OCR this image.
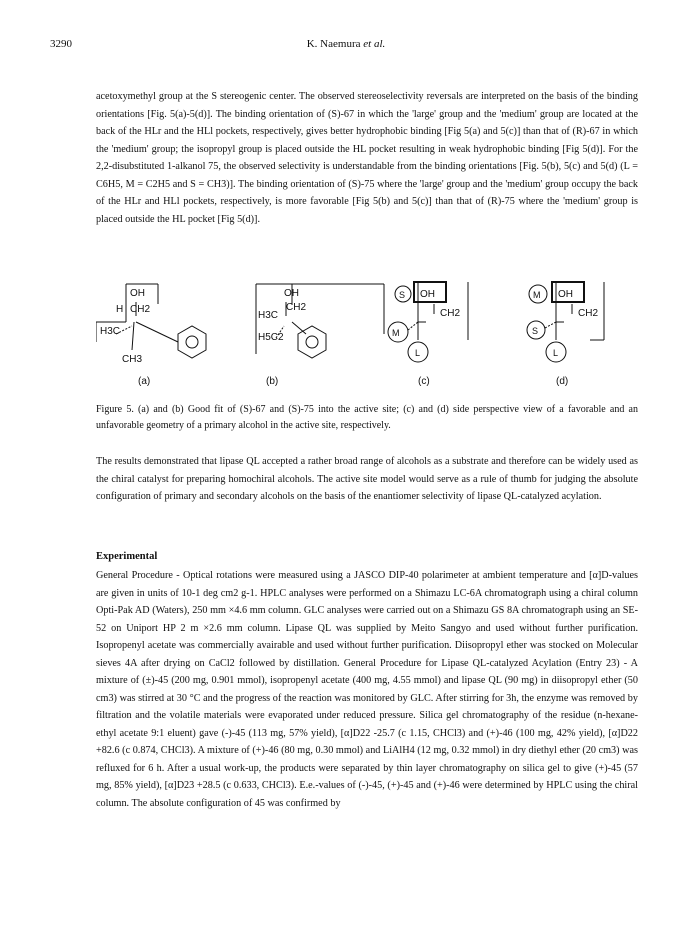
3290	K. Naemura et al.
acetoxymethyl group at the S stereogenic center. The observed stereoselectivity reversals are interpreted on the basis of the binding orientations [Fig. 5(a)-5(d)]. The binding orientation of (S)-67 in which the 'large' group and the 'medium' group are located at the back of the HLr and the HLl pockets, respectively, gives better hydrophobic binding [Fig 5(a) and 5(c)] than that of (R)-67 in which the 'medium' group; the isopropyl group is placed outside the HL pocket resulting in weak hydrophobic binding [Fig 5(d)]. For the 2,2-disubstituted 1-alkanol 75, the observed selectivity is understandable from the binding orientations [Fig. 5(b), 5(c) and 5(d) (L = C6H5, M = C2H5 and S = CH3)]. The binding orientation of (S)-75 where the 'large' group and the 'medium' group occupy the back of the HLr and HLl pockets, respectively, is more favorable [Fig 5(b) and 5(c)] than that of (R)-75 where the 'medium' group is placed outside the HL pocket [Fig 5(d)].
OH
H CH2
H3C
CH3
(a)
OH
H3C
CH2
H5C2
(b)
S OH
CH2
M
L
(c)
M OH
CH2
S
L
(d)
Figure 5. (a) and (b) Good fit of (S)-67 and (S)-75 into the active site; (c) and (d) side perspective view of a favorable and an unfavorable geometry of a primary alcohol in the active site, respectively.
The results demonstrated that lipase QL accepted a rather broad range of alcohols as a substrate and therefore can be widely used as the chiral catalyst for preparing homochiral alcohols. The active site model would serve as a rule of thumb for judging the absolute configuration of primary and secondary alcohols on the basis of the enantiomer selectivity of lipase QL-catalyzed acylation.
Experimental
General Procedure - Optical rotations were measured using a JASCO DIP-40 polarimeter at ambient temperature and [α]D-values are given in units of 10-1 deg cm2 g-1. HPLC analyses were performed on a Shimazu LC-6A chromatograph using a chiral column Opti-Pak AD (Waters), 250 mm ×4.6 mm column. GLC analyses were carried out on a Shimazu GS 8A chromatograph using an SE-52 on Uniport HP 2 m ×2.6 mm column. Lipase QL was supplied by Meito Sangyo and used without further purification. Isopropenyl acetate was commercially avairable and used without further purification. Diisopropyl ether was stocked on Molecular sieves 4A after drying on CaCl2 followed by distillation. General Procedure for Lipase QL-catalyzed Acylation (Entry 23) - A mixture of (±)-45 (200 mg, 0.901 mmol), isopropenyl acetate (400 mg, 4.55 mmol) and lipase QL (90 mg) in diisopropyl ether (50 cm3) was stirred at 30 °C and the progress of the reaction was monitored by GLC. After stirring for 3h, the enzyme was removed by filtration and the volatile materials were evaporated under reduced pressure. Silica gel chromatography of the residue (n-hexane-ethyl acetate 9:1 eluent) gave (-)-45 (113 mg, 57% yield), [α]D22 -25.7 (c 1.15, CHCl3) and (+)-46 (100 mg, 42% yield), [α]D22 +82.6 (c 0.874, CHCl3). A mixture of (+)-46 (80 mg, 0.30 mmol) and LiAlH4 (12 mg, 0.32 mmol) in dry diethyl ether (20 cm3) was refluxed for 6 h. After a usual work-up, the products were separated by thin layer chromatography on silica gel to give (+)-45 (57 mg, 85% yield), [α]D23 +28.5 (c 0.633, CHCl3). E.e.-values of (-)-45, (+)-45 and (+)-46 were determined by HPLC using the chiral column. The absolute configuration of 45 was confirmed by
